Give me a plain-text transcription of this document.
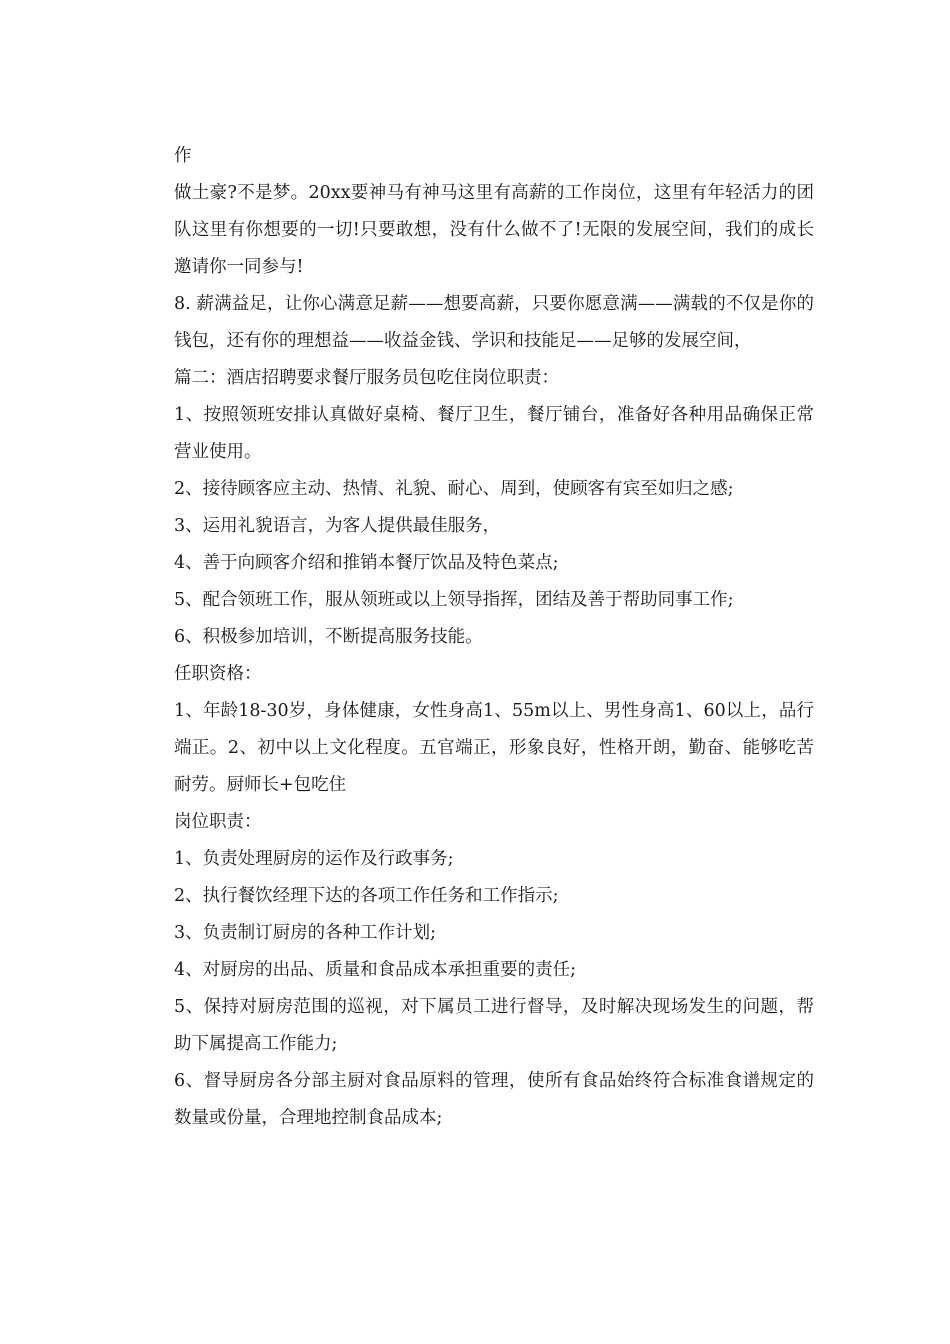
作

做土豪?不是梦。20xx要神马有神马这里有高薪的工作岗位，这里有年轻活力的团队这里有你想要的一切!只要敢想，没有什么做不了!无限的发展空间，我们的成长邀请你一同参与!

8. 薪满益足，让你心满意足薪——想要高薪，只要你愿意满——满载的不仅是你的钱包，还有你的理想益——收益金钱、学识和技能足——足够的发展空间，

篇二：酒店招聘要求餐厅服务员包吃住岗位职责：

1、按照领班安排认真做好桌椅、餐厅卫生，餐厅铺台，准备好各种用品确保正常营业使用。

2、接待顾客应主动、热情、礼貌、耐心、周到，使顾客有宾至如归之感;

3、运用礼貌语言，为客人提供最佳服务，

4、善于向顾客介绍和推销本餐厅饮品及特色菜点;

5、配合领班工作，服从领班或以上领导指挥，团结及善于帮助同事工作;

6、积极参加培训，不断提高服务技能。

任职资格：

1、年龄18-30岁，身体健康，女性身高1、55m以上、男性身高1、60以上，品行端正。2、初中以上文化程度。五官端正，形象良好，性格开朗，勤奋、能够吃苦耐劳。厨师长+包吃住

岗位职责：

1、负责处理厨房的运作及行政事务;

2、执行餐饮经理下达的各项工作任务和工作指示;

3、负责制订厨房的各种工作计划;

4、对厨房的出品、质量和食品成本承担重要的责任;

5、保持对厨房范围的巡视，对下属员工进行督导，及时解决现场发生的问题，帮助下属提高工作能力;

6、督导厨房各分部主厨对食品原料的管理，使所有食品始终符合标准食谱规定的数量或份量，合理地控制食品成本;
